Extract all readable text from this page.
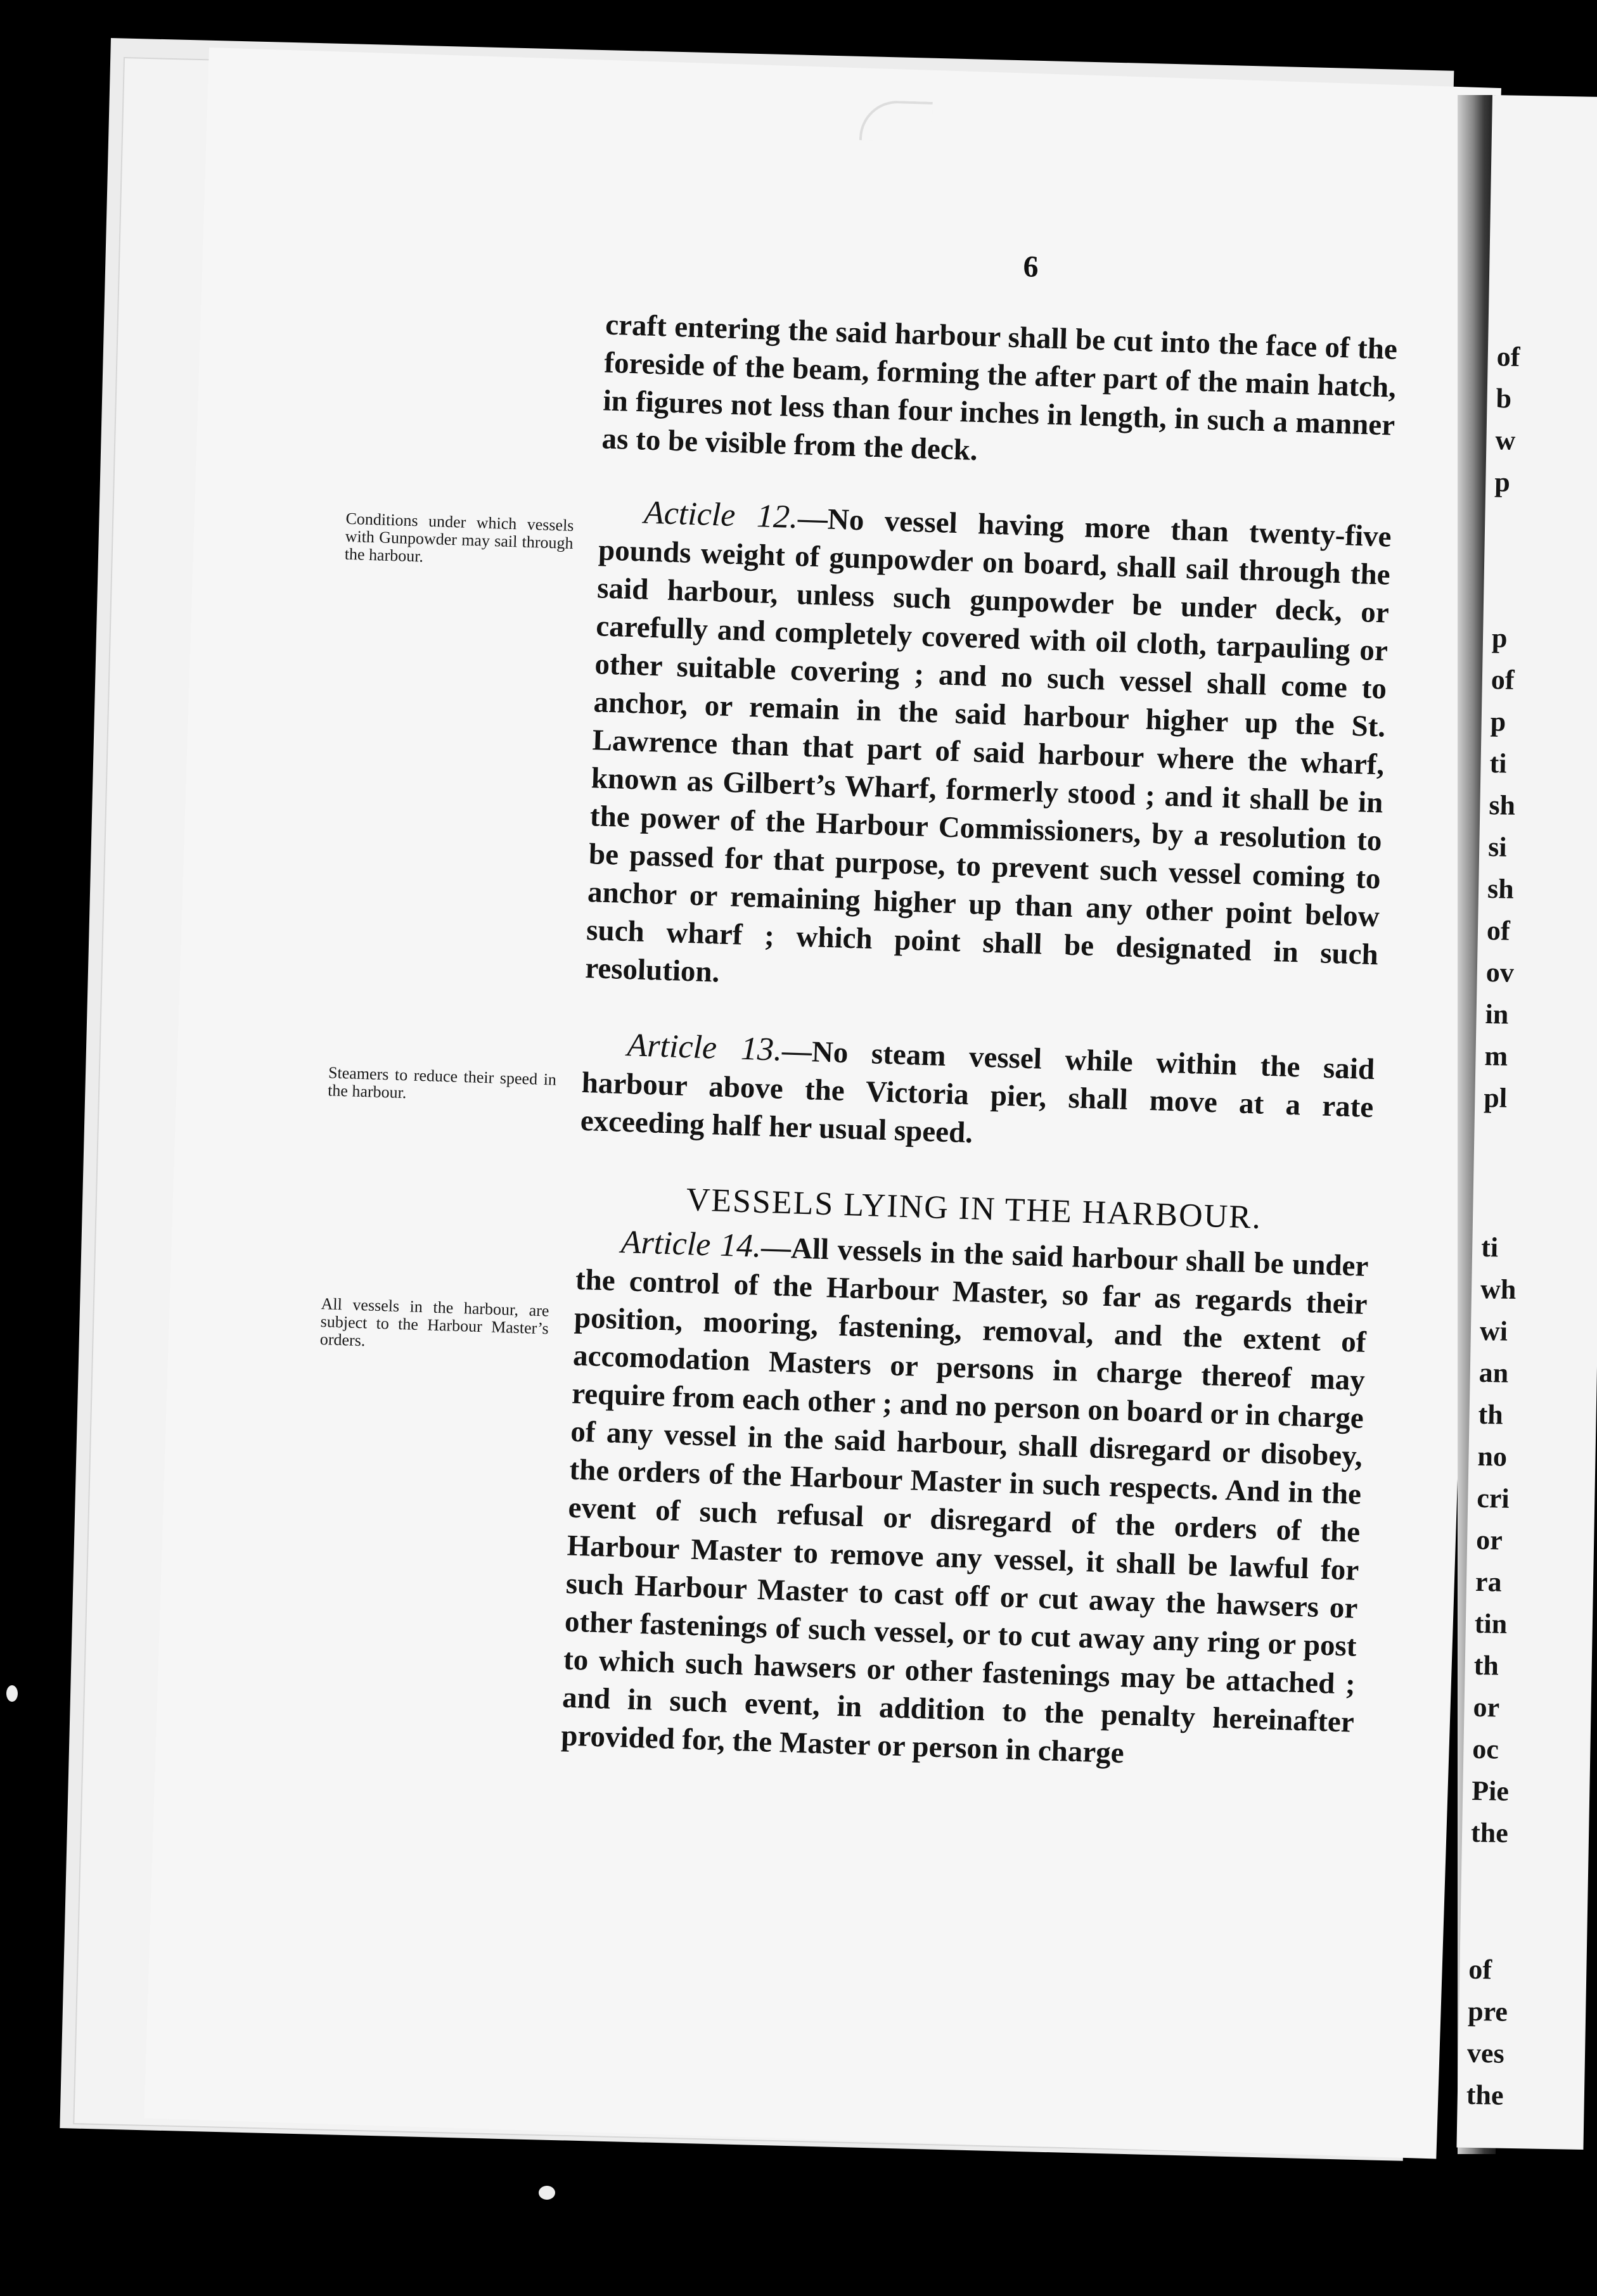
of
b
w
p
p
of
p
ti
sh
si
sh
of
ov
in
m
pl
ti
wh
wi
an
th
no
cri
or
ra
tin
th
or
oc
Pie
the
of
pre
ves
the
6
Conditions under which vessels with Gunpowder may sail through the harbour.
Steamers to reduce their speed in the harbour.
All vessels in the harbour, are subject to the Harbour Master’s orders.

craft entering the said harbour shall be cut into the face of the foreside of the beam, forming the after part of the main hatch, in figures not less than four inches in length, in such a manner as to be visible from the deck.

Acticle 12.—No vessel having more than twenty-five pounds weight of gunpowder on board, shall sail through the said harbour, unless such gunpowder be under deck, or carefully and completely covered with oil cloth, tarpauling or other suitable covering ; and no such vessel shall come to anchor, or remain in the said harbour higher up the St. Lawrence than that part of said harbour where the wharf, known as Gilbert’s Wharf, formerly stood ; and it shall be in the power of the Harbour Commissioners, by a resolution to be passed for that purpose, to prevent such vessel coming to anchor or remaining higher up than any other point below such wharf ; which point shall be designated in such resolution.

Article 13.—No steam vessel while within the said harbour above the Victoria pier, shall move at a rate exceeding half her usual speed.

VESSELS LYING IN THE HARBOUR.

Article 14.—All vessels in the said harbour shall be under the control of the Harbour Master, so far as regards their position, mooring, fastening, removal, and the extent of accomodation Masters or persons in charge thereof may require from each other ; and no person on board or in charge of any vessel in the said harbour, shall disregard or disobey, the orders of the Harbour Master in such respects. And in the event of such refusal or disregard of the orders of the Harbour Master to remove any vessel, it shall be lawful for such Harbour Master to cast off or cut away the hawsers or other fastenings of such vessel, or to cut away any ring or post to which such hawsers or other fastenings may be attached ; and in such event, in addition to the penalty hereinafter provided for, the Master or person in charge
